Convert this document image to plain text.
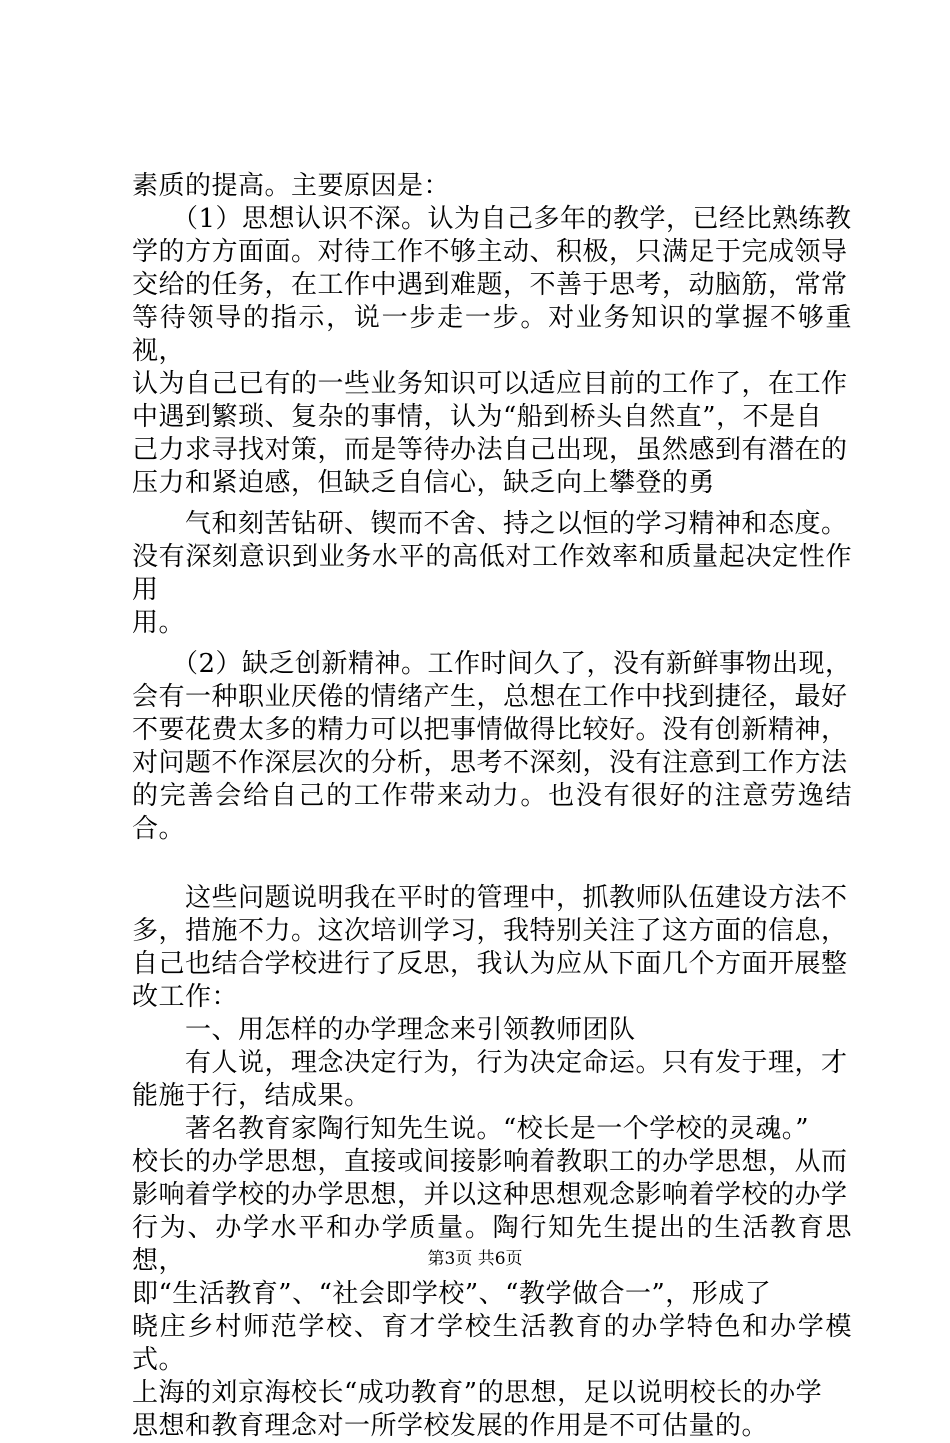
素质的提高。主要原因是：
　　（1）思想认识不深。认为自己多年的教学，已经比熟练教
学的方方面面。对待工作不够主动、积极，只满足于完成领导
交给的任务，在工作中遇到难题，不善于思考，动脑筋，常常
等待领导的指示，说一步走一步。对业务知识的掌握不够重视，
认为自己已有的一些业务知识可以适应目前的工作了，在工作
中遇到繁琐、复杂的事情，认为“船到桥头自然直”，不是自
己力求寻找对策，而是等待办法自己出现，虽然感到有潜在的
压力和紧迫感，但缺乏自信心，缺乏向上攀登的勇

　　气和刻苦钻研、锲而不舍、持之以恒的学习精神和态度。
没有深刻意识到业务水平的高低对工作效率和质量起决定性作用
用。

　　（2）缺乏创新精神。工作时间久了，没有新鲜事物出现，
会有一种职业厌倦的情绪产生，总想在工作中找到捷径，最好
不要花费太多的精力可以把事情做得比较好。没有创新精神，
对问题不作深层次的分析，思考不深刻，没有注意到工作方法
的完善会给自己的工作带来动力。也没有很好的注意劳逸结合。

　　这些问题说明我在平时的管理中，抓教师队伍建设方法不
多，措施不力。这次培训学习，我特别关注了这方面的信息，
自己也结合学校进行了反思，我认为应从下面几个方面开展整
改工作：
　　一、用怎样的办学理念来引领教师团队
　　有人说，理念决定行为，行为决定命运。只有发于理，才
能施于行，结成果。
　　著名教育家陶行知先生说。“校长是一个学校的灵魂。”
校长的办学思想，直接或间接影响着教职工的办学思想，从而
影响着学校的办学思想，并以这种思想观念影响着学校的办学
行为、办学水平和办学质量。陶行知先生提出的生活教育思想，
即“生活教育”、“社会即学校”、“教学做合一”，形成了
晓庄乡村师范学校、育才学校生活教育的办学特色和办学模式。
上海的刘京海校长“成功教育”的思想，足以说明校长的办学
思想和教育理念对一所学校发展的作用是不可估量的。

第3页 共6页
